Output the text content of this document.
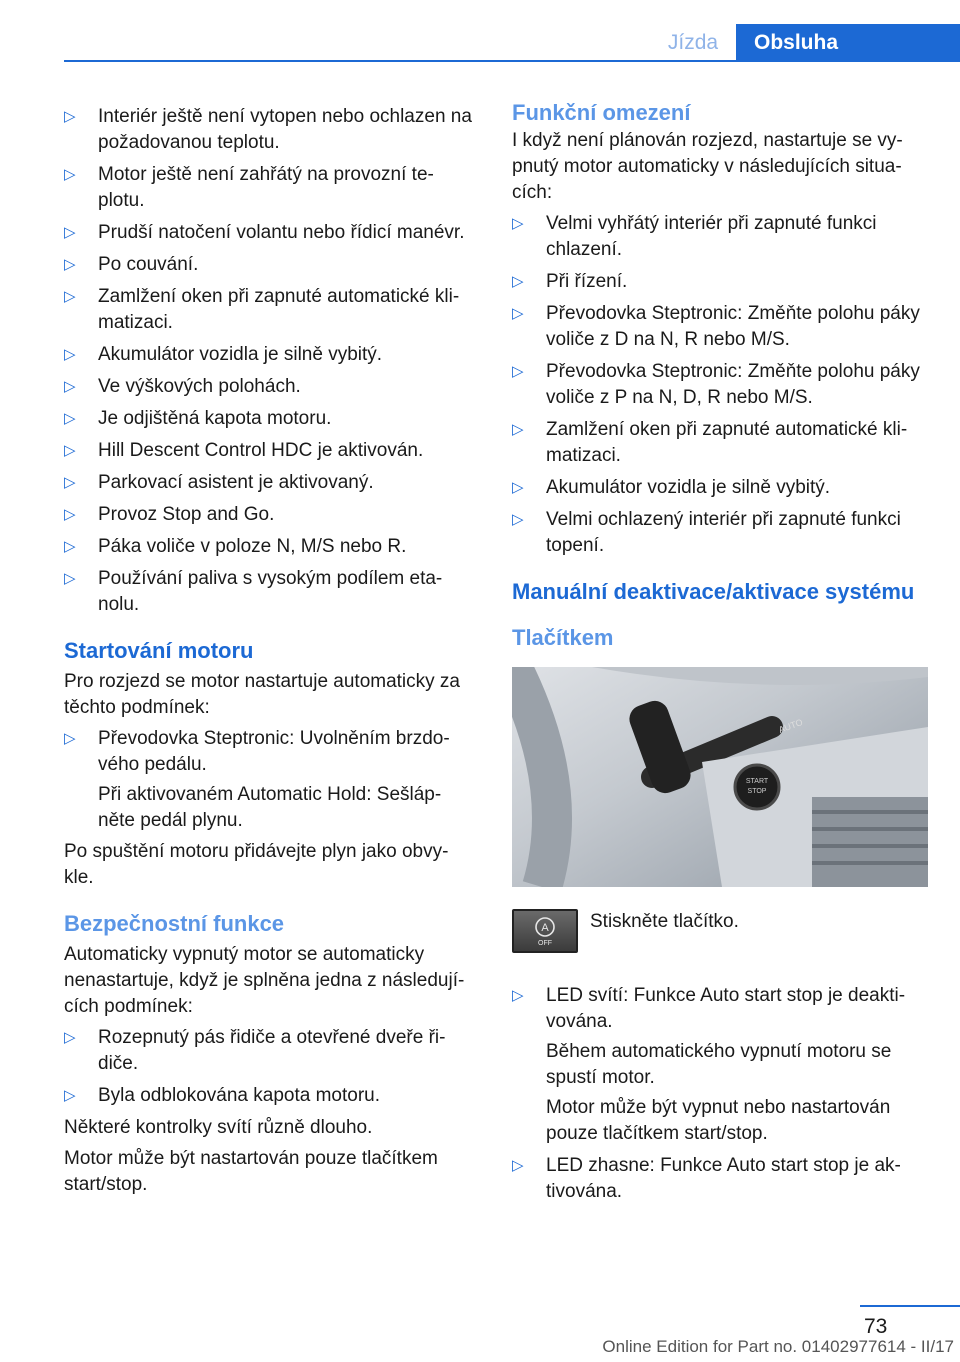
Jízda	Obsluha
▷ Interiér ještě není vytopen nebo ochlazen na požadovanou teplotu.
▷ Motor ještě není zahřátý na provozní te‐ plotu.
▷ Prudší natočení volantu nebo řídicí manévr.
▷ Po couvání.
▷ Zamlžení oken při zapnuté automatické kli‐ matizaci.
▷ Akumulátor vozidla je silně vybitý.
▷ Ve výškových polohách.
▷ Je odjištěná kapota motoru.
▷ Hill Descent Control HDC je aktivován.
▷ Parkovací asistent je aktivovaný.
▷ Provoz Stop and Go.
▷ Páka voliče v poloze N, M/S nebo R.
▷ Používání paliva s vysokým podílem eta‐ nolu.
Startování motoru

Pro rozjezd se motor nastartuje automaticky za těchto podmínek:

▷ Převodovka Steptronic: Uvolněním brzdo‐ vého pedálu.
Při aktivovaném Automatic Hold: Sešláp‐ něte pedál plynu.

Po spuštění motoru přidávejte plyn jako obvy‐ kle.

Bezpečnostní funkce

Automaticky vypnutý motor se automaticky nenastartuje, když je splněna jedna z následují‐ cích podmínek:

▷ Rozepnutý pás řidiče a otevřené dveře ři‐ diče.
▷ Byla odblokována kapota motoru.

Některé kontrolky svítí různě dlouho.

Motor může být nastartován pouze tlačítkem start/stop.

Funkční omezení

I když není plánován rozjezd, nastartuje se vy‐ pnutý motor automaticky v následujících situa‐ cích:

▷ Velmi vyhřátý interiér při zapnuté funkci chlazení.
▷ Při řízení.
▷ Převodovka Steptronic: Změňte polohu páky voliče z D na N, R nebo M/S.
▷ Převodovka Steptronic: Změňte polohu páky voliče z P na N, D, R nebo M/S.
▷ Zamlžení oken při zapnuté automatické kli‐ matizaci.
▷ Akumulátor vozidla je silně vybitý.
▷ Velmi ochlazený interiér při zapnuté funkci topení.
Manuální deaktivace/aktivace systému
Tlačítkem
AUTO
START
STOP
A
OFF
Stiskněte tlačítko.
▷ LED svítí: Funkce Auto start stop je deakti‐ vována.
Během automatického vypnutí motoru se spustí motor.
Motor může být vypnut nebo nastartován pouze tlačítkem start/stop.
▷ LED zhasne: Funkce Auto start stop je ak‐ tivována.
73
Online Edition for Part no. 01402977614 - II/17
